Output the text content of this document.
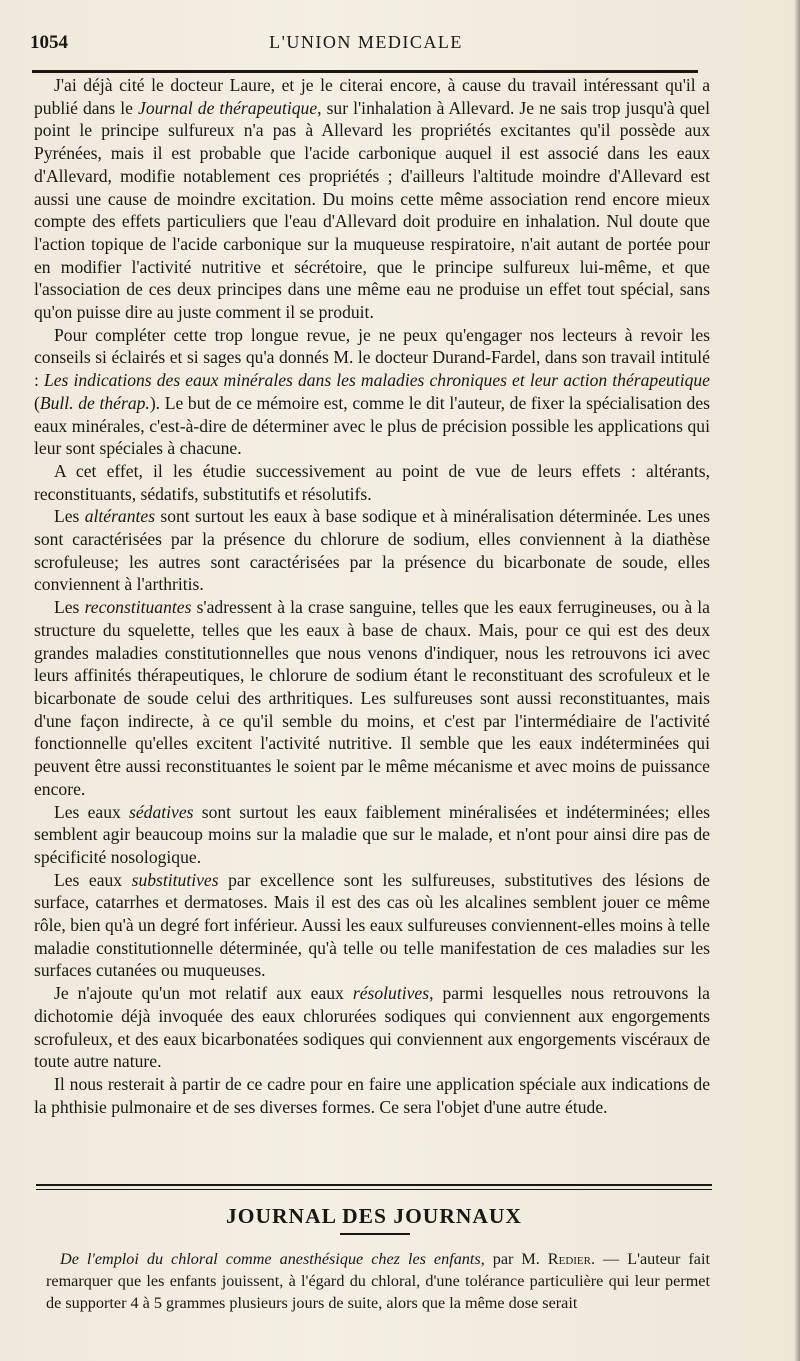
1054	L'UNION MEDICALE

J'ai déjà cité le docteur Laure, et je le citerai encore, à cause du travail intéressant qu'il a publié dans le Journal de thérapeutique, sur l'inhalation à Allevard. Je ne sais trop jusqu'à quel point le principe sulfureux n'a pas à Allevard les propriétés excitantes qu'il possède aux Pyrénées, mais il est probable que l'acide carbonique auquel il est associé dans les eaux d'Allevard, modifie notablement ces propriétés ; d'ailleurs l'altitude moindre d'Allevard est aussi une cause de moindre excitation. Du moins cette même association rend encore mieux compte des effets particuliers que l'eau d'Allevard doit produire en inhalation. Nul doute que l'action topique de l'acide carbonique sur la muqueuse respiratoire, n'ait autant de portée pour en modifier l'activité nutritive et sécrétoire, que le principe sulfureux lui-même, et que l'association de ces deux principes dans une même eau ne produise un effet tout spécial, sans qu'on puisse dire au juste comment il se produit.

Pour compléter cette trop longue revue, je ne peux qu'engager nos lecteurs à revoir les conseils si éclairés et si sages qu'a donnés M. le docteur Durand-Fardel, dans son travail intitulé : Les indications des eaux minérales dans les maladies chroniques et leur action thérapeutique (Bull. de thérap.). Le but de ce mémoire est, comme le dit l'auteur, de fixer la spécialisation des eaux minérales, c'est-à-dire de déterminer avec le plus de précision possible les applications qui leur sont spéciales à chacune.

A cet effet, il les étudie successivement au point de vue de leurs effets : altérants, reconstituants, sédatifs, substitutifs et résolutifs.

Les altérantes sont surtout les eaux à base sodique et à minéralisation déterminée. Les unes sont caractérisées par la présence du chlorure de sodium, elles conviennent à la diathèse scrofuleuse; les autres sont caractérisées par la présence du bicarbonate de soude, elles conviennent à l'arthritis.

Les reconstituantes s'adressent à la crase sanguine, telles que les eaux ferrugineuses, ou à la structure du squelette, telles que les eaux à base de chaux. Mais, pour ce qui est des deux grandes maladies constitutionnelles que nous venons d'indiquer, nous les retrouvons ici avec leurs affinités thérapeutiques, le chlorure de sodium étant le reconstituant des scrofuleux et le bicarbonate de soude celui des arthritiques. Les sulfureuses sont aussi reconstituantes, mais d'une façon indirecte, à ce qu'il semble du moins, et c'est par l'intermédiaire de l'activité fonctionnelle qu'elles excitent l'activité nutritive. Il semble que les eaux indéterminées qui peuvent être aussi reconstituantes le soient par le même mécanisme et avec moins de puissance encore.

Les eaux sédatives sont surtout les eaux faiblement minéralisées et indéterminées; elles semblent agir beaucoup moins sur la maladie que sur le malade, et n'ont pour ainsi dire pas de spécificité nosologique.

Les eaux substitutives par excellence sont les sulfureuses, substitutives des lésions de surface, catarrhes et dermatoses. Mais il est des cas où les alcalines semblent jouer ce même rôle, bien qu'à un degré fort inférieur. Aussi les eaux sulfureuses conviennent-elles moins à telle maladie constitutionnelle déterminée, qu'à telle ou telle manifestation de ces maladies sur les surfaces cutanées ou muqueuses.

Je n'ajoute qu'un mot relatif aux eaux résolutives, parmi lesquelles nous retrouvons la dichotomie déjà invoquée des eaux chlorurées sodiques qui conviennent aux engorgements scrofuleux, et des eaux bicarbonatées sodiques qui conviennent aux engorgements viscéraux de toute autre nature.

Il nous resterait à partir de ce cadre pour en faire une application spéciale aux indications de la phthisie pulmonaire et de ses diverses formes. Ce sera l'objet d'une autre étude.

JOURNAL DES JOURNAUX

De l'emploi du chloral comme anesthésique chez les enfants, par M. Redier. — L'auteur fait remarquer que les enfants jouissent, à l'égard du chloral, d'une tolérance particulière qui leur permet de supporter 4 à 5 grammes plusieurs jours de suite, alors que la même dose serait
